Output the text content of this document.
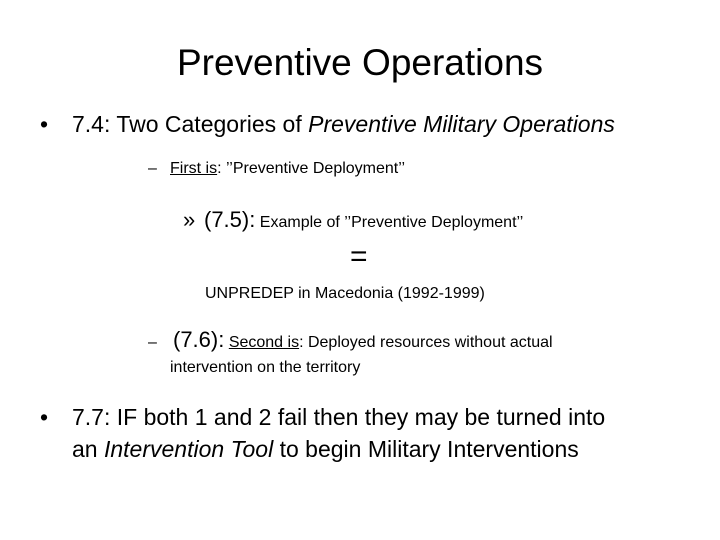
Preventive Operations
• 7.4: Two Categories of Preventive Military Operations
– First is: ’’Preventive Deployment’’
» (7.5): Example of ’’Preventive Deployment’’
=
UNPREDEP in Macedonia (1992-1999)
– (7.6): Second is: Deployed resources without actual
intervention on the territory
• 7.7: IF both 1 and 2 fail then they may be turned into
an Intervention Tool to begin Military Interventions
